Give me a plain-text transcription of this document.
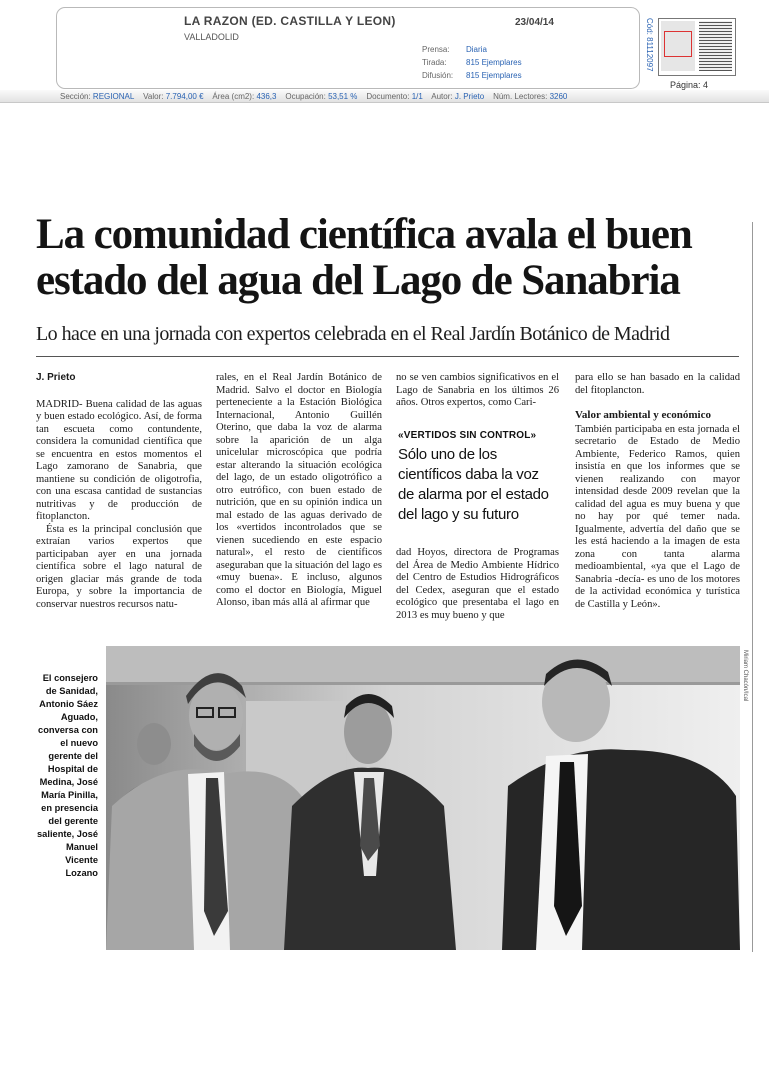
LA RAZON (ED. CASTILLA Y LEON)
VALLADOLID
23/04/14
Prensa: Diaria
Tirada: 815 Ejemplares
Difusión: 815 Ejemplares
Cód: 81112097
Página: 4
Sección: REGIONAL Valor: 7.794,00 € Área (cm2): 436,3 Ocupación: 53,51 % Documento: 1/1 Autor: J. Prieto Núm. Lectores: 3260
La comunidad científica avala el buen
estado del agua del Lago de Sanabria
Lo hace en una jornada con expertos celebrada en el Real Jardín Botánico de Madrid
J. Prieto

MADRID- Buena calidad de las aguas y buen estado ecológico. Así, de forma tan escueta como contundente, considera la comunidad científica que se encuentra en estos momentos el Lago zamorano de Sanabria, que mantiene su condición de oligotrofia, con una escasa cantidad de sustancias nutritivas y de producción de fitoplancton.

Ésta es la principal conclusión que extraían varios expertos que participaban ayer en una jornada científica sobre el lago natural de origen glaciar más grande de toda Europa, y sobre la importancia de conservar nuestros recursos natu-

rales, en el Real Jardín Botánico de Madrid. Salvo el doctor en Biología perteneciente a la Estación Biológica Internacional, Antonio Guillén Oterino, que daba la voz de alarma sobre la aparición de un alga unicelular microscópica que podría estar alterando la situación ecológica del lago, de un estado oligotrófico a otro eutrófico, con buen estado de nutrición, que en su opinión indica un mal estado de las aguas derivado de los «vertidos incontrolados que se vienen sucediendo en este espacio natural», el resto de científicos aseguraban que la situación del lago es «muy buena». E incluso, algunos como el doctor en Biología, Miguel Alonso, iban más allá al afirmar que

no se ven cambios significativos en el Lago de Sanabria en los últimos 26 años. Otros expertos, como Cari-

«VERTIDOS SIN CONTROL»
Sólo uno de los científicos daba la voz de alarma por el estado del lago y su futuro

dad Hoyos, directora de Programas del Área de Medio Ambiente Hídrico del Centro de Estudios Hidrográficos del Cedex, aseguran que el estado ecológico que presentaba el lago en 2013 es muy bueno y que

para ello se han basado en la calidad del fitoplancton.

Valor ambiental y económico

También participaba en esta jornada el secretario de Estado de Medio Ambiente, Federico Ramos, quien insistía en que los informes que se vienen realizando con mayor intensidad desde 2009 revelan que la calidad del agua es muy buena y que no hay por qué temer nada. Igualmente, advertía del daño que se les está haciendo a la imagen de esta zona con tanta alarma medioambiental, «ya que el Lago de Sanabria -decía- es uno de los motores de la actividad económica y turística de Castilla y León».

El consejero de Sanidad, Antonio Sáez Aguado, conversa con el nuevo gerente del Hospital de Medina, José María Pinilla, en presencia del gerente saliente, José Manuel Vicente Lozano
Miriam Chacón/Ical
